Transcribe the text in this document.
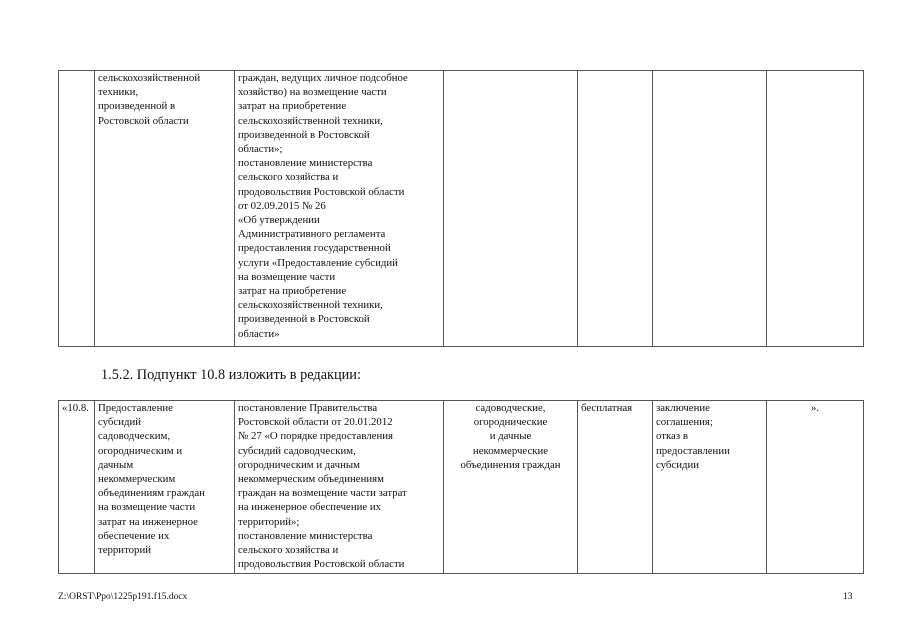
	сельскохозяйственной
техники,
произведенной в
Ростовской области	граждан, ведущих личное подсобное
хозяйство) на возмещение части
затрат на приобретение
сельскохозяйственной техники,
произведенной в Ростовской
области»;
постановление министерства
сельского хозяйства и
продовольствия Ростовской области
от 02.09.2015 № 26
«Об утверждении
Административного регламента
предоставления государственной
услуги «Предоставление субсидий
на возмещение части
затрат на приобретение
сельскохозяйственной техники,
произведенной в Ростовской
области»				
1.5.2. Подпункт 10.8 изложить в редакции:
«10.8.	Предоставление
субсидий
садоводческим,
огородническим и
дачным
некоммерческим
объединениям граждан
на возмещение части
затрат на инженерное
обеспечение их
территорий	постановление Правительства
Ростовской области от 20.01.2012
№ 27 «О порядке предоставления
субсидий садоводческим,
огородническим и дачным
некоммерческим объединениям
граждан на возмещение части затрат
на инженерное обеспечение их
территорий»;
постановление министерства
сельского хозяйства и
продовольствия Ростовской области	садоводческие,
огороднические
и дачные
некоммерческие
объединения граждан	бесплатная	заключение
соглашения;
отказ в
предоставлении
субсидии	».
Z:\ORST\Ppo\1225p191.f15.docx	13
